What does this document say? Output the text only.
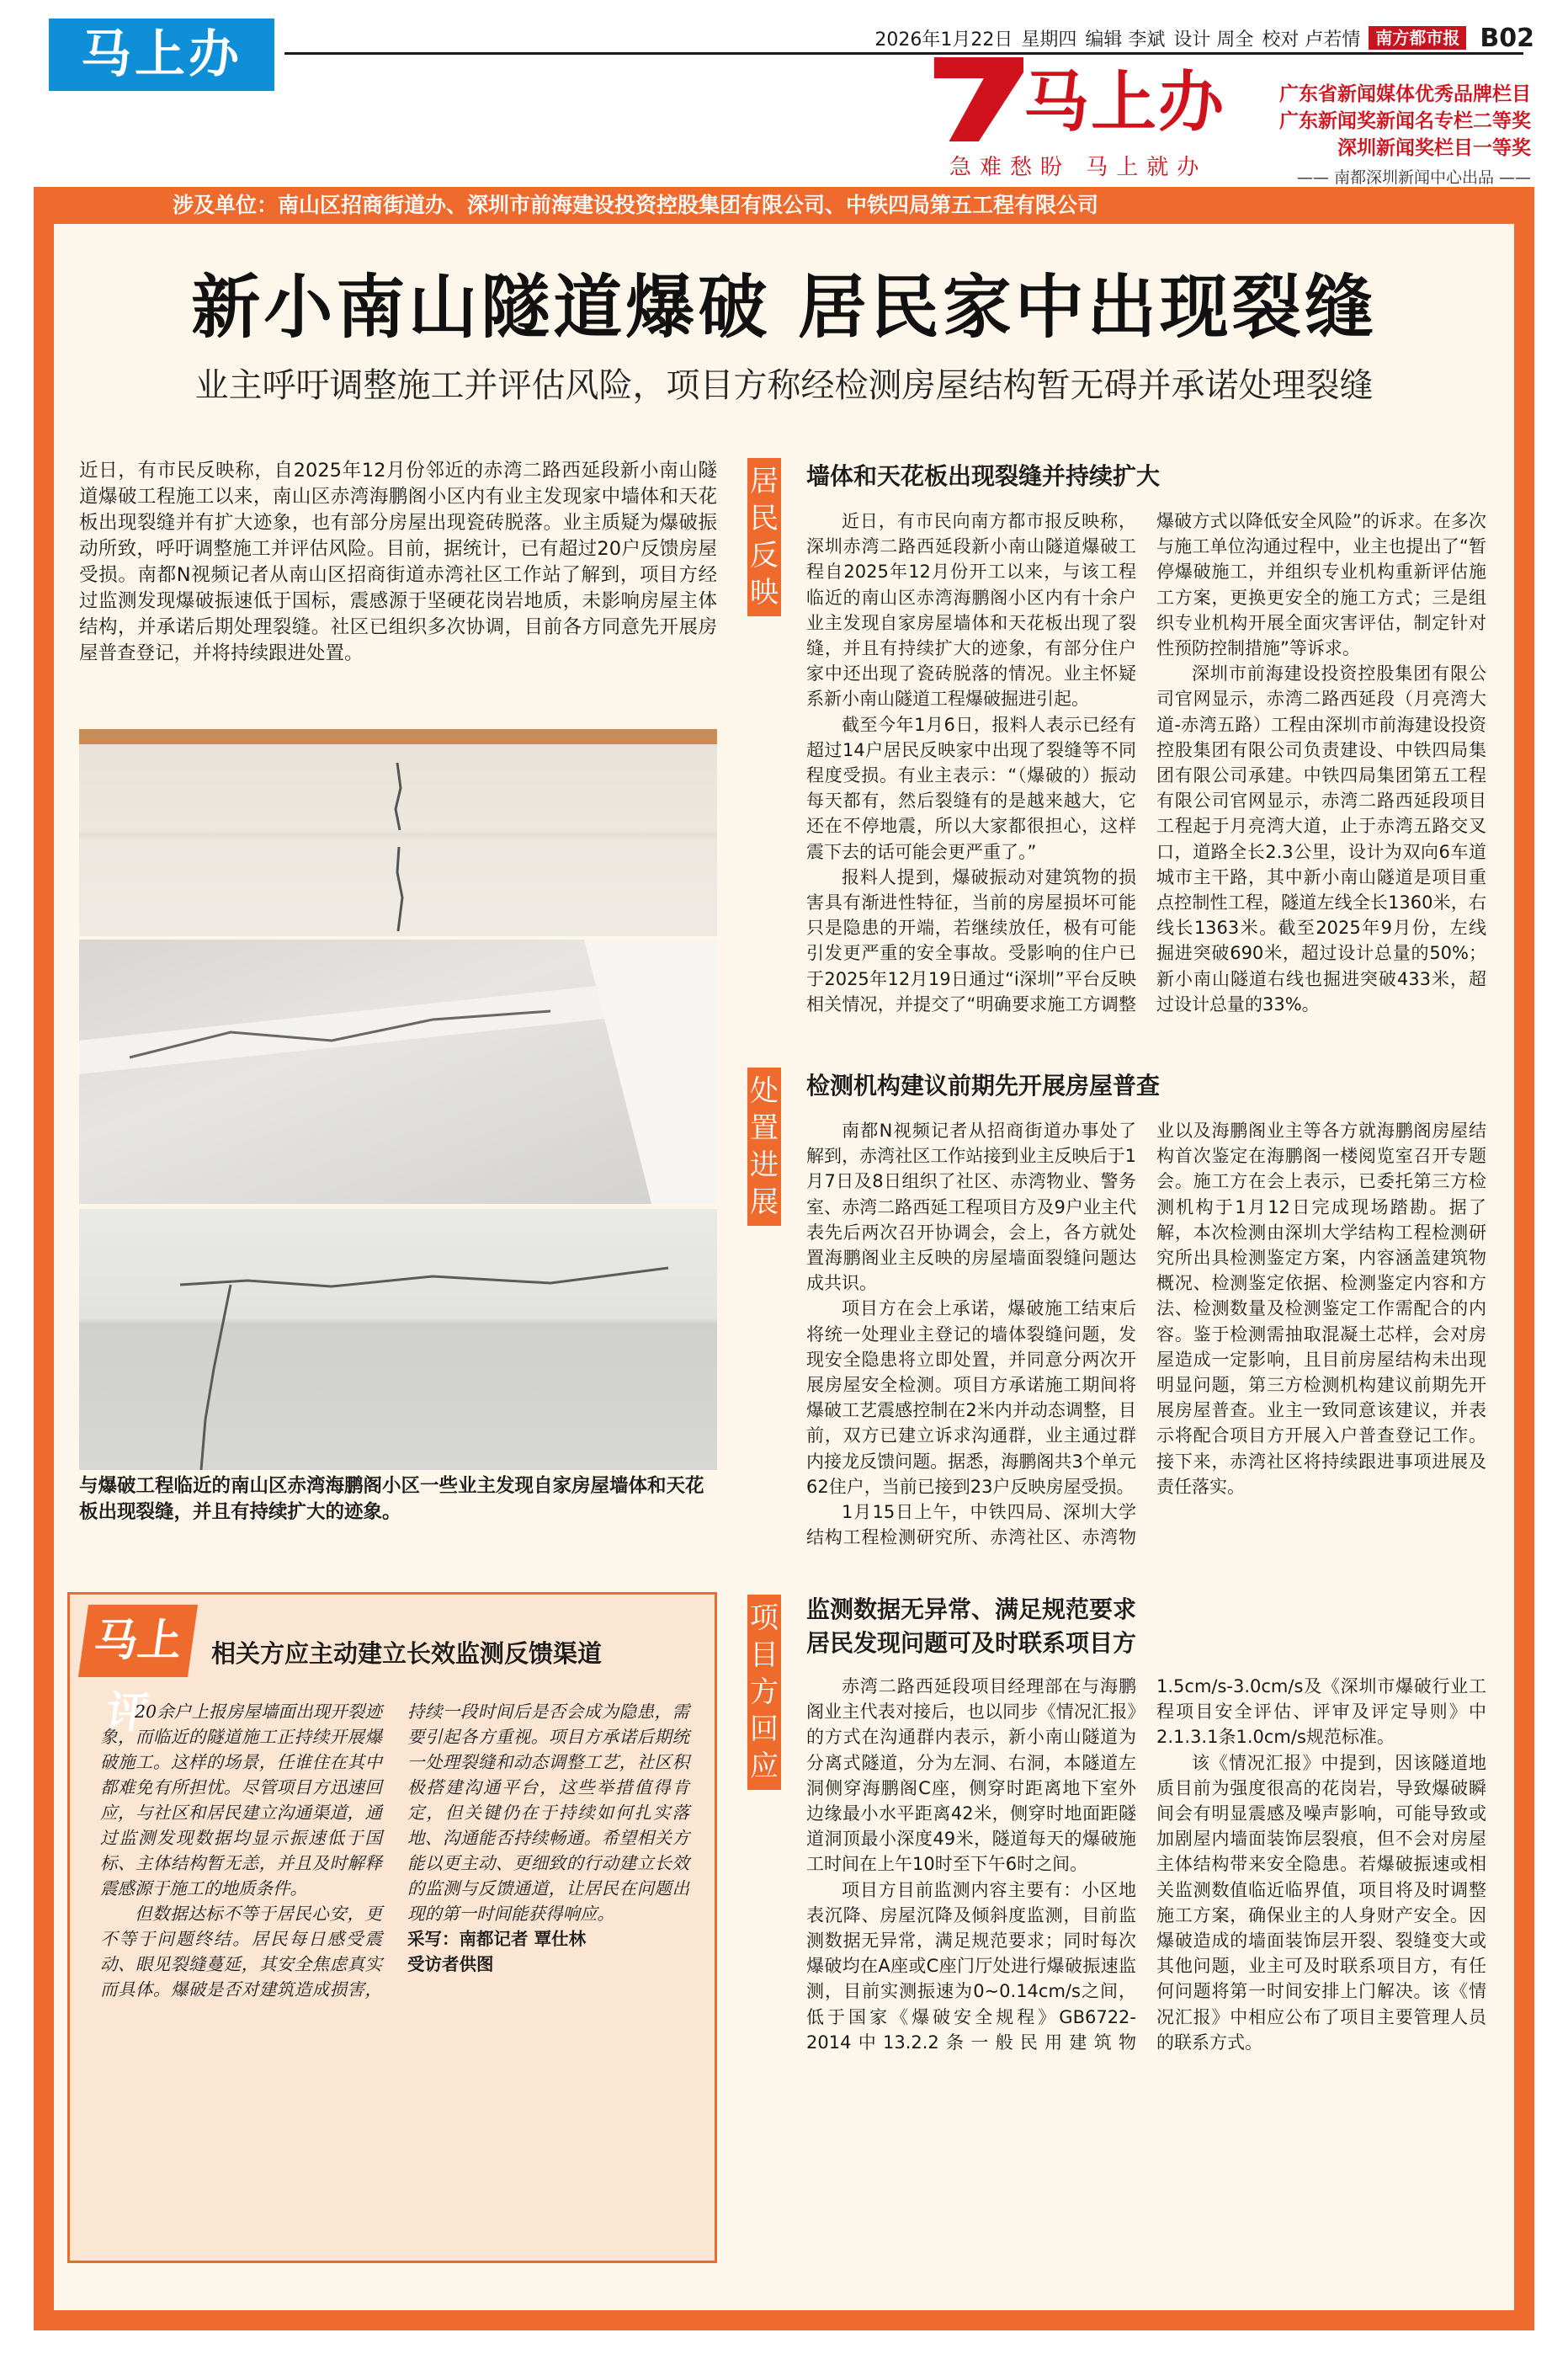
马上办	2026年1月22日 星期四 编辑 李斌 设计 周全 校对 卢若情 南方都市报 B02
马上办
急难愁盼 马上就办
广东省新闻媒体优秀品牌栏目
广东新闻奖新闻名专栏二等奖
深圳新闻奖栏目一等奖
—— 南都深圳新闻中心出品 ——
涉及单位：南山区招商街道办、深圳市前海建设投资控股集团有限公司、中铁四局第五工程有限公司
新小南山隧道爆破 居民家中出现裂缝
业主呼吁调整施工并评估风险，项目方称经检测房屋结构暂无碍并承诺处理裂缝

近日，有市民反映称，自2025年12月份邻近的赤湾二路西延段新小南山隧道爆破工程施工以来，南山区赤湾海鹏阁小区内有业主发现家中墙体和天花板出现裂缝并有扩大迹象，也有部分房屋出现瓷砖脱落。业主质疑为爆破振动所致，呼吁调整施工并评估风险。目前，据统计，已有超过20户反馈房屋受损。南都N视频记者从南山区招商街道赤湾社区工作站了解到，项目方经过监测发现爆破振速低于国标，震感源于坚硬花岗岩地质，未影响房屋主体结构，并承诺后期处理裂缝。社区已组织多次协调，目前各方同意先开展房屋普查登记，并将持续跟进处置。

与爆破工程临近的南山区赤湾海鹏阁小区一些业主发现自家房屋墙体和天花板出现裂缝，并且有持续扩大的迹象。

马上评
相关方应主动建立长效监测反馈渠道

20余户上报房屋墙面出现开裂迹象，而临近的隧道施工正持续开展爆破施工。这样的场景，任谁住在其中都难免有所担忧。尽管项目方迅速回应，与社区和居民建立沟通渠道，通过监测发现数据均显示振速低于国标、主体结构暂无恙，并且及时解释震感源于施工的地质条件。

但数据达标不等于居民心安，更不等于问题终结。居民每日感受震动、眼见裂缝蔓延，其安全焦虑真实而具体。爆破是否对建筑造成损害，持续一段时间后是否会成为隐患，需要引起各方重视。项目方承诺后期统一处理裂缝和动态调整工艺，社区积极搭建沟通平台，这些举措值得肯定，但关键仍在于持续如何扎实落地、沟通能否持续畅通。希望相关方能以更主动、更细致的行动建立长效的监测与反馈通道，让居民在问题出现的第一时间能获得响应。

采写：南都记者 覃仕林

受访者供图

居民反映
墙体和天花板出现裂缝并持续扩大

近日，有市民向南方都市报反映称，深圳赤湾二路西延段新小南山隧道爆破工程自2025年12月份开工以来，与该工程临近的南山区赤湾海鹏阁小区内有十余户业主发现自家房屋墙体和天花板出现了裂缝，并且有持续扩大的迹象，有部分住户家中还出现了瓷砖脱落的情况。业主怀疑系新小南山隧道工程爆破掘进引起。

截至今年1月6日，报料人表示已经有超过14户居民反映家中出现了裂缝等不同程度受损。有业主表示：“（爆破的）振动每天都有，然后裂缝有的是越来越大，它还在不停地震，所以大家都很担心，这样震下去的话可能会更严重了。”

报料人提到，爆破振动对建筑物的损害具有渐进性特征，当前的房屋损坏可能只是隐患的开端，若继续放任，极有可能引发更严重的安全事故。受影响的住户已于2025年12月19日通过“i深圳”平台反映相关情况，并提交了“明确要求施工方调整爆破方式以降低安全风险”的诉求。在多次与施工单位沟通过程中，业主也提出了“暂停爆破施工，并组织专业机构重新评估施工方案，更换更安全的施工方式；三是组织专业机构开展全面灾害评估，制定针对性预防控制措施”等诉求。

深圳市前海建设投资控股集团有限公司官网显示，赤湾二路西延段（月亮湾大道-赤湾五路）工程由深圳市前海建设投资控股集团有限公司负责建设、中铁四局集团有限公司承建。中铁四局集团第五工程有限公司官网显示，赤湾二路西延段项目工程起于月亮湾大道，止于赤湾五路交叉口，道路全长2.3公里，设计为双向6车道城市主干路，其中新小南山隧道是项目重点控制性工程，隧道左线全长1360米，右线长1363米。截至2025年9月份，左线掘进突破690米，超过设计总量的50%；新小南山隧道右线也掘进突破433米，超过设计总量的33%。

处置进展
检测机构建议前期先开展房屋普查

南都N视频记者从招商街道办事处了解到，赤湾社区工作站接到业主反映后于1月7日及8日组织了社区、赤湾物业、警务室、赤湾二路西延工程项目方及9户业主代表先后两次召开协调会，会上，各方就处置海鹏阁业主反映的房屋墙面裂缝问题达成共识。

项目方在会上承诺，爆破施工结束后将统一处理业主登记的墙体裂缝问题，发现安全隐患将立即处置，并同意分两次开展房屋安全检测。项目方承诺施工期间将爆破工艺震感控制在2米内并动态调整，目前，双方已建立诉求沟通群，业主通过群内接龙反馈问题。据悉，海鹏阁共3个单元62住户，当前已接到23户反映房屋受损。

1月15日上午，中铁四局、深圳大学结构工程检测研究所、赤湾社区、赤湾物业以及海鹏阁业主等各方就海鹏阁房屋结构首次鉴定在海鹏阁一楼阅览室召开专题会。施工方在会上表示，已委托第三方检测机构于1月12日完成现场踏勘。据了解，本次检测由深圳大学结构工程检测研究所出具检测鉴定方案，内容涵盖建筑物概况、检测鉴定依据、检测鉴定内容和方法、检测数量及检测鉴定工作需配合的内容。鉴于检测需抽取混凝土芯样，会对房屋造成一定影响，且目前房屋结构未出现明显问题，第三方检测机构建议前期先开展房屋普查。业主一致同意该建议，并表示将配合项目方开展入户普查登记工作。接下来，赤湾社区将持续跟进事项进展及责任落实。

项目方回应
监测数据无异常、满足规范要求
居民发现问题可及时联系项目方

赤湾二路西延段项目经理部在与海鹏阁业主代表对接后，也以同步《情况汇报》的方式在沟通群内表示，新小南山隧道为分离式隧道，分为左洞、右洞，本隧道左洞侧穿海鹏阁C座，侧穿时距离地下室外边缘最小水平距离42米，侧穿时地面距隧道洞顶最小深度49米，隧道每天的爆破施工时间在上午10时至下午6时之间。

项目方目前监测内容主要有：小区地表沉降、房屋沉降及倾斜度监测，目前监测数据无异常，满足规范要求；同时每次爆破均在A座或C座门厅处进行爆破振速监测，目前实测振速为0~0.14cm/s之间，低于国家《爆破安全规程》GB6722-2014中13.2.2条一般民用建筑物1.5cm/s-3.0cm/s及《深圳市爆破行业工程项目安全评估、评审及评定导则》中2.1.3.1条1.0cm/s规范标准。

该《情况汇报》中提到，因该隧道地质目前为强度很高的花岗岩，导致爆破瞬间会有明显震感及噪声影响，可能导致或加剧屋内墙面装饰层裂痕，但不会对房屋主体结构带来安全隐患。若爆破振速或相关监测数值临近临界值，项目将及时调整施工方案，确保业主的人身财产安全。因爆破造成的墙面装饰层开裂、裂缝变大或其他问题，业主可及时联系项目方，有任何问题将第一时间安排上门解决。该《情况汇报》中相应公布了项目主要管理人员的联系方式。
